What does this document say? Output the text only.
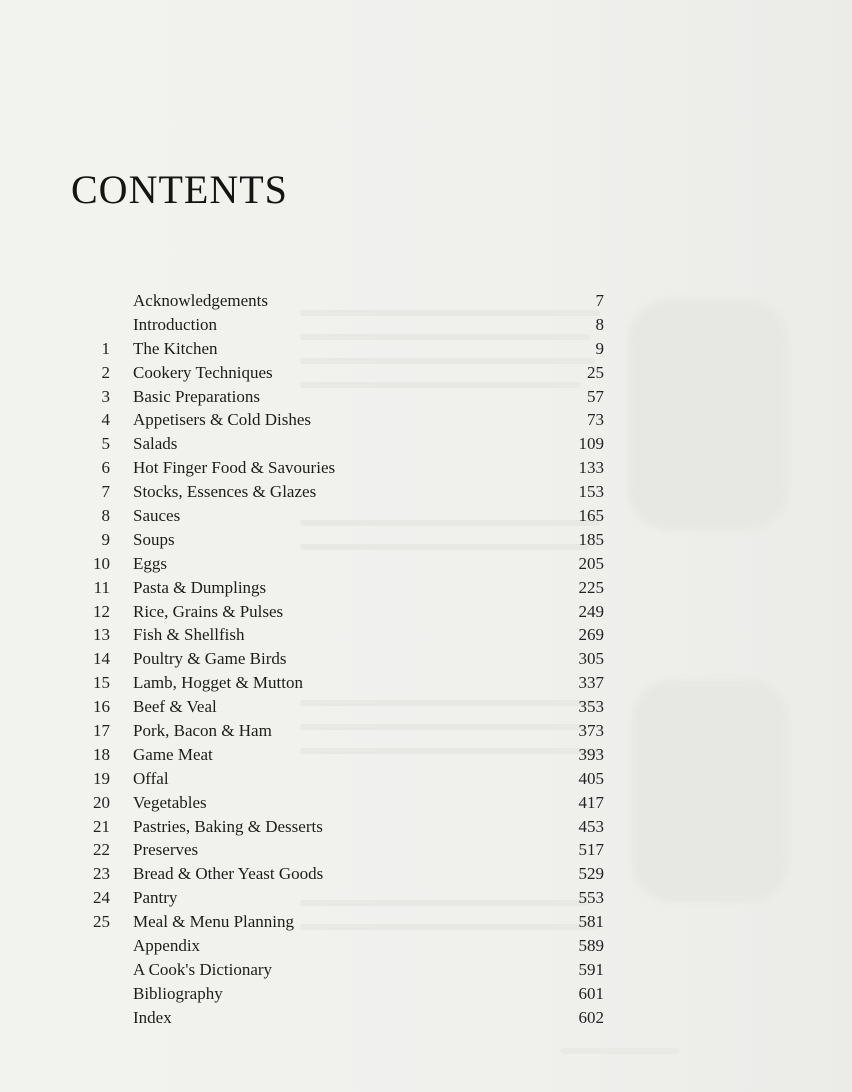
CONTENTS
Acknowledgements	7
Introduction	8
1 The Kitchen	9
2 Cookery Techniques	25
3 Basic Preparations	57
4 Appetisers & Cold Dishes	73
5 Salads	109
6 Hot Finger Food & Savouries	133
7 Stocks, Essences & Glazes	153
8 Sauces	165
9 Soups	185
10 Eggs	205
11 Pasta & Dumplings	225
12 Rice, Grains & Pulses	249
13 Fish & Shellfish	269
14 Poultry & Game Birds	305
15 Lamb, Hogget & Mutton	337
16 Beef & Veal	353
17 Pork, Bacon & Ham	373
18 Game Meat	393
19 Offal	405
20 Vegetables	417
21 Pastries, Baking & Desserts	453
22 Preserves	517
23 Bread & Other Yeast Goods	529
24 Pantry	553
25 Meal & Menu Planning	581
Appendix	589
A Cook's Dictionary	591
Bibliography	601
Index	602
